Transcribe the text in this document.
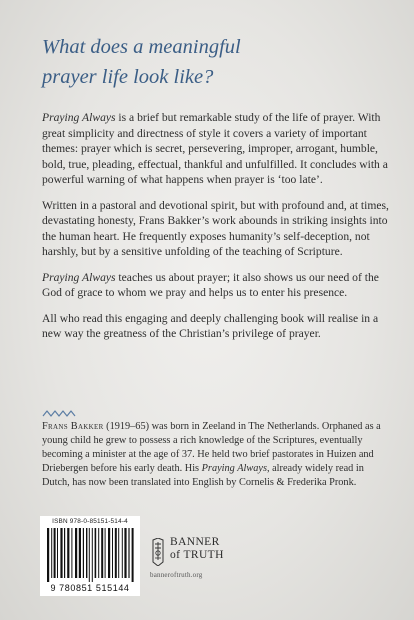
What does a meaningful
prayer life look like?

Praying Always is a brief but remarkable study of the life of prayer. With great simplicity and directness of style it covers a variety of important themes: prayer which is secret, persevering, improper, arrogant, humble, bold, true, pleading, effectual, thankful and unfulfilled. It concludes with a powerful warning of what happens when prayer is ‘too late’.

Written in a pastoral and devotional spirit, but with profound and, at times, devastating honesty, Frans Bakker’s work abounds in striking insights into the human heart. He frequently exposes humanity’s self-deception, not harshly, but by a sensitive unfolding of the teaching of Scripture.

Praying Always teaches us about prayer; it also shows us our need of the God of grace to whom we pray and helps us to enter his presence.

All who read this engaging and deeply challenging book will realise in a new way the greatness of the Christian’s privilege of prayer.

Frans Bakker (1919–65) was born in Zeeland in The Netherlands. Orphaned as a young child he grew to possess a rich knowledge of the Scriptures, eventually becoming a minister at the age of 37. He held two brief pastorates in Huizen and Driebergen before his early death. His Praying Always, already widely read in Dutch, has now been translated into English by Cornelis & Frederika Pronk.

ISBN 978-0-85151-514-4
9 780851 515144
BANNER
of TRUTH
banneroftruth.org
